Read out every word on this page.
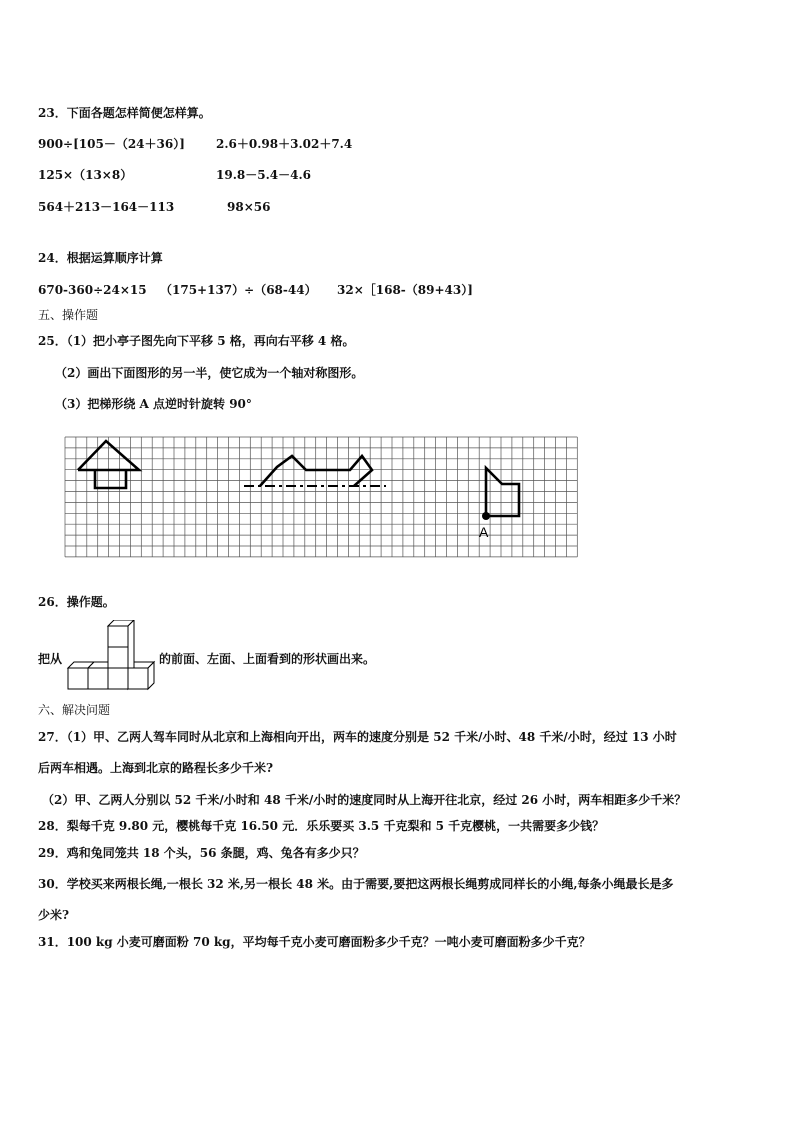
23．下面各题怎样简便怎样算。
900÷[105－（24＋36）]	2.6＋0.98＋3.02＋7.4
125×（13×8）	19.8－5.4－4.6
564＋213－164－113	98×56
24．根据运算顺序计算
670-360÷24×15 （175+137）÷（68-44） 32×［168-（89+43）]
五、操作题
25．（1）把小亭子图先向下平移 5 格，再向右平移 4 格。
（2）画出下面图形的另一半，使它成为一个轴对称图形。
（3）把梯形绕 A 点逆时针旋转 90°
A
26．操作题。
把从	的前面、左面、上面看到的形状画出来。
六、解决问题
27．（1）甲、乙两人驾车同时从北京和上海相向开出，两车的速度分别是 52 千米/小时、48 千米/小时，经过 13 小时
后两车相遇。上海到北京的路程长多少千米?
（2）甲、乙两人分别以 52 千米/小时和 48 千米/小时的速度同时从上海开往北京，经过 26 小时，两车相距多少千米？
28．梨每千克 9.80 元，樱桃每千克 16.50 元．乐乐要买 3.5 千克梨和 5 千克樱桃，一共需要多少钱？
29．鸡和兔同笼共 18 个头，56 条腿，鸡、兔各有多少只？
30．学校买来两根长绳,一根长 32 米,另一根长 48 米。由于需要,要把这两根长绳剪成同样长的小绳,每条小绳最长是多
少米?
31．100 kg 小麦可磨面粉 70 kg，平均每千克小麦可磨面粉多少千克？一吨小麦可磨面粉多少千克？
